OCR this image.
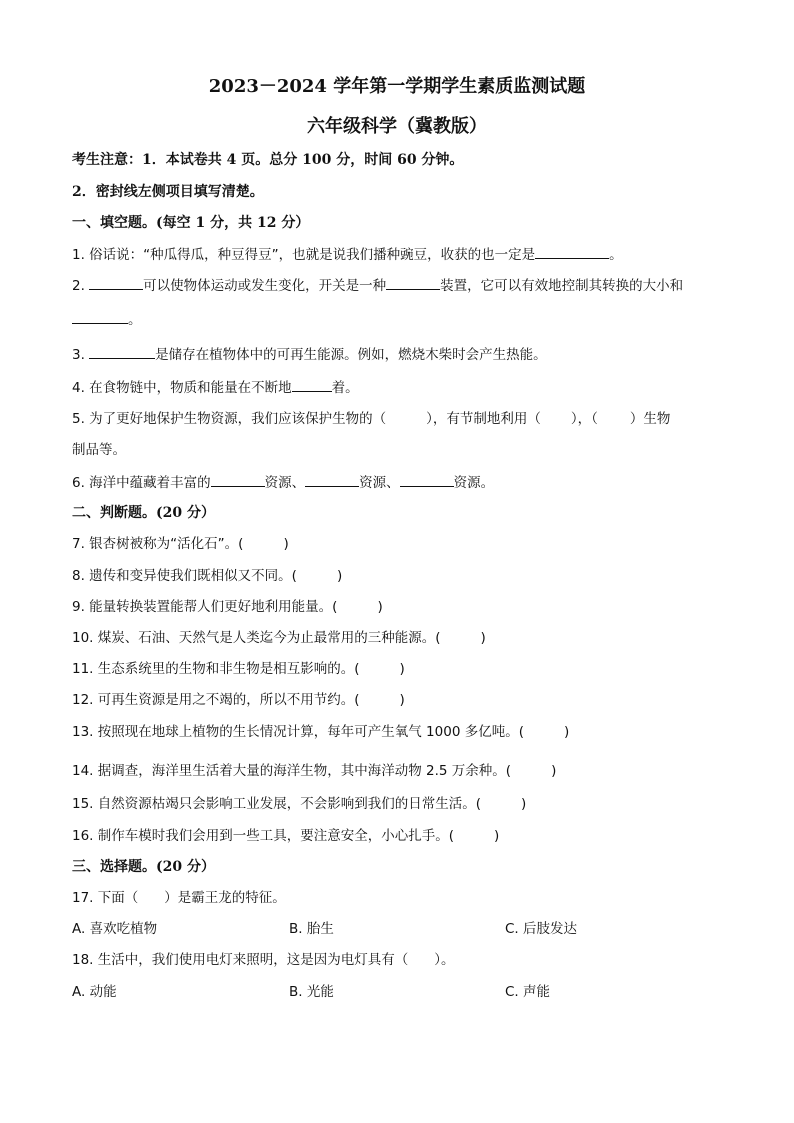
2023－2024 学年第一学期学生素质监测试题
六年级科学（冀教版）
考生注意：1．本试卷共 4 页。总分 100 分，时间 60 分钟。
2．密封线左侧项目填写清楚。
一、填空题。(每空 1 分，共 12 分）
1. 俗话说：“种瓜得瓜，种豆得豆”，也就是说我们播种豌豆，收获的也一定是	。
2.	可以使物体运动或发生变化，开关是一种	装置，它可以有效地控制其转换的大小和
。
3.	是储存在植物体中的可再生能源。例如，燃烧木柴时会产生热能。
4. 在食物链中，物质和能量在不断地	着。
5. 为了更好地保护生物资源，我们应该保护生物的（	），有节制地利用（ ），（ ）生物
制品等。
6. 海洋中蕴藏着丰富的	资源、	资源、	资源。
二、判断题。(20 分）
7. 银杏树被称为“活化石”。(	)
8. 遗传和变异使我们既相似又不同。(	)
9. 能量转换装置能帮人们更好地利用能量。(	)
10. 煤炭、石油、天然气是人类迄今为止最常用的三种能源。(	)
11. 生态系统里的生物和非生物是相互影响的。(	)
12. 可再生资源是用之不竭的，所以不用节约。(	)
13. 按照现在地球上植物的生长情况计算，每年可产生氧气 1000 多亿吨。(	)
14. 据调查，海洋里生活着大量的海洋生物，其中海洋动物 2.5 万余种。(	)
15. 自然资源枯竭只会影响工业发展，不会影响到我们的日常生活。(	)
16. 制作车模时我们会用到一些工具，要注意安全，小心扎手。(	)
三、选择题。(20 分）
17. 下面（ ）是霸王龙的特征。
A. 喜欢吃植物	B. 胎生	C. 后肢发达
18. 生活中，我们使用电灯来照明，这是因为电灯具有（ ）。
A. 动能	B. 光能	C. 声能
